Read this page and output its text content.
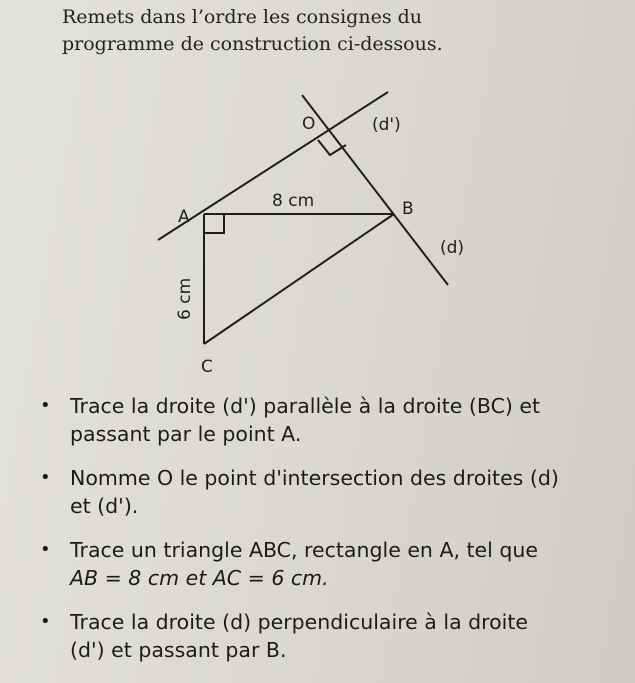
Remets dans l’ordre les consignes du
programme de construction ci-dessous.
O	(d')
A
8 cm	B
(d)
6 cm
C
• Trace la droite (d') parallèle à la droite (BC) et
passant par le point A.
• Nomme O le point d'intersection des droites (d)
et (d').
• Trace un triangle ABC, rectangle en A, tel que
AB = 8 cm et AC = 6 cm.
• Trace la droite (d) perpendiculaire à la droite
(d') et passant par B.
